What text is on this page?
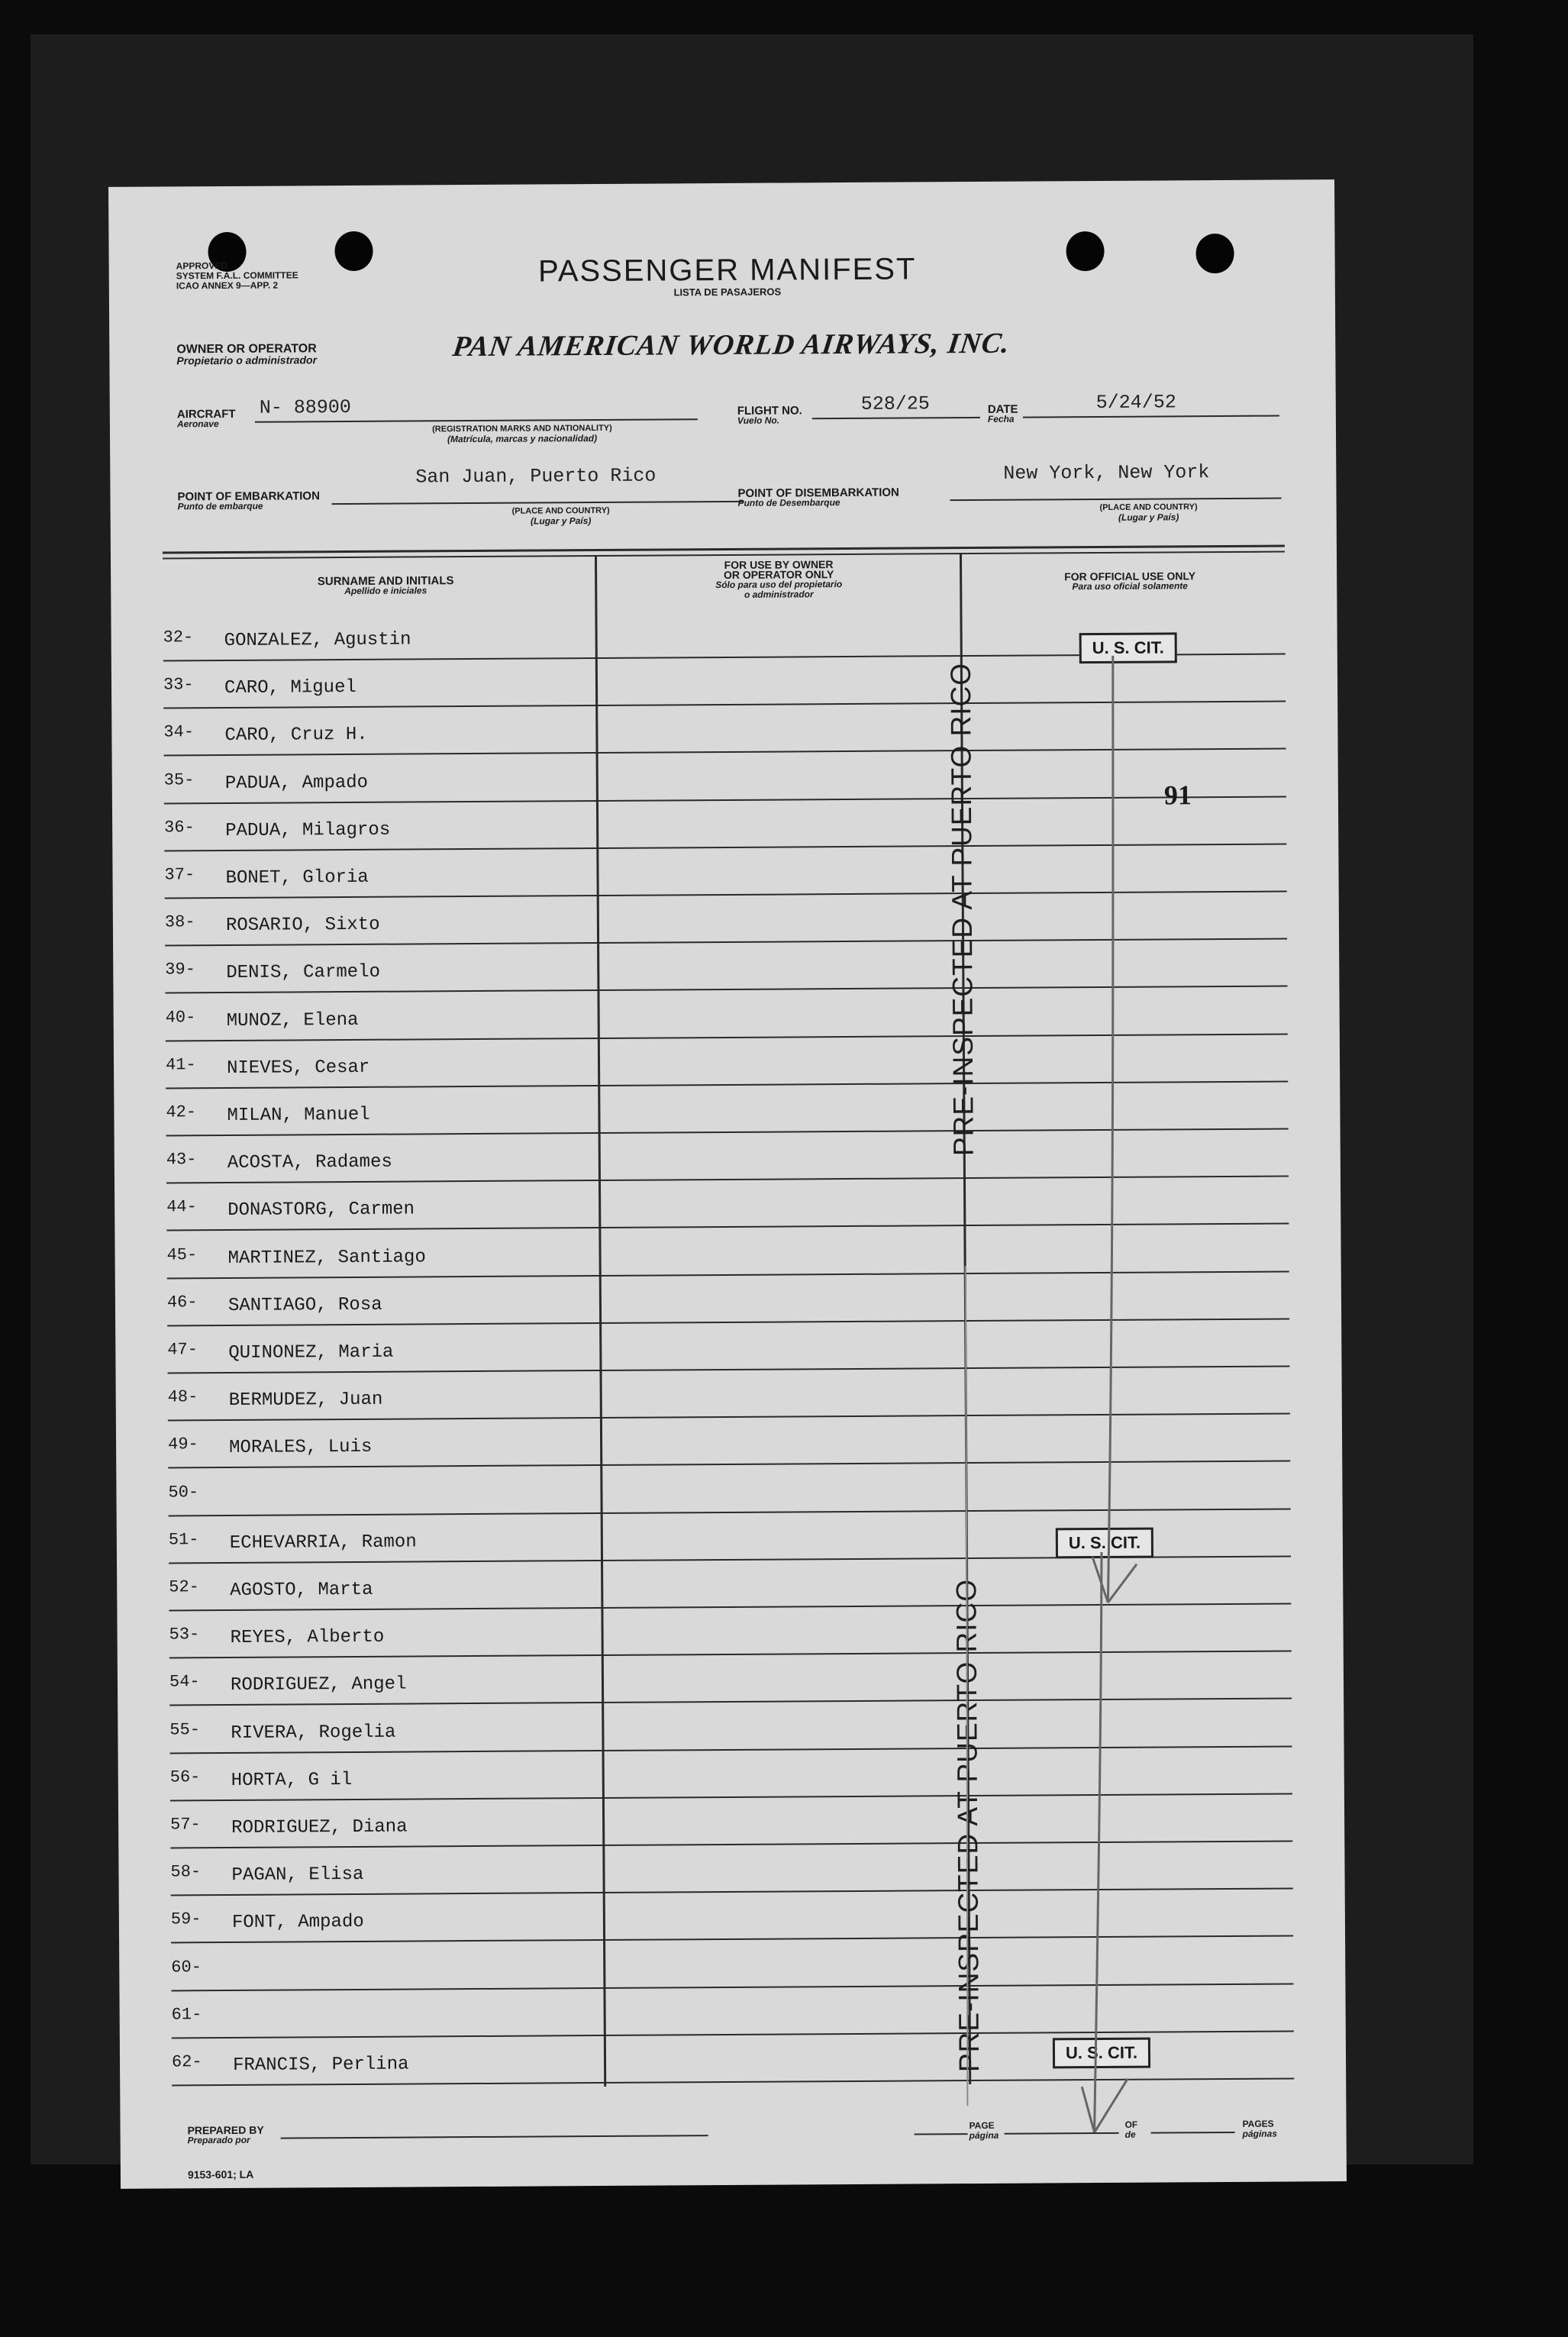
APPROVED
SYSTEM F.A.L. COMMITTEE
ICAO ANNEX 9—APP. 2	PASSENGER MANIFEST
LISTA DE PASAJEROS
OWNER OR OPERATOR
Propietario o administrador	PAN AMERICAN WORLD AIRWAYS, INC.
AIRCRAFT
Aeronave
N- 88900
(REGISTRATION MARKS AND NATIONALITY)
(Matrícula, marcas y nacionalidad)
FLIGHT NO.
Vuelo No.
528/25	DATE
Fecha
5/24/52
POINT OF EMBARKATION
Punto de embarque
San Juan, Puerto Rico
(PLACE AND COUNTRY)
(Lugar y País)
POINT OF DISEMBARKATION
Punto de Desembarque
New York, New York
(PLACE AND COUNTRY)
(Lugar y País)
SURNAME AND INITIALS
Apellido e iniciales
FOR USE BY OWNER
OR OPERATOR ONLY
Sólo para uso del propietario
o administrador
FOR OFFICIAL USE ONLY
Para uso oficial solamente
32-	GONZALEZ, Agustin
33-	CARO, Miguel
34-	CARO, Cruz H.
35-	PADUA, Ampado
36-	PADUA, Milagros
37-	BONET, Gloria
38-	ROSARIO, Sixto
39-	DENIS, Carmelo
40-	MUNOZ, Elena
41-	NIEVES, Cesar
42-	MILAN, Manuel
43-	ACOSTA, Radames
44-	DONASTORG, Carmen
45-	MARTINEZ, Santiago
46-	SANTIAGO, Rosa
47-	QUINONEZ, Maria
48-	BERMUDEZ, Juan
49-	MORALES, Luis
50-
51-	ECHEVARRIA, Ramon
52-	AGOSTO, Marta
53-	REYES, Alberto
54-	RODRIGUEZ, Angel
55-	RIVERA, Rogelia
56-	HORTA, G il
57-	RODRIGUEZ, Diana
58-	PAGAN, Elisa
59-	FONT, Ampado
60-
61-
62-	FRANCIS, Perlina
U. S. CIT.
U. S. CIT.
U. S. CIT.
PRE-INSPECTED AT PUERTO RICO
PRE-INSPECTED AT PUERTO RICO
91
PREPARED BY
Preparado por
PAGE
página
OF
de
PAGES
páginas
9153-601; LA
